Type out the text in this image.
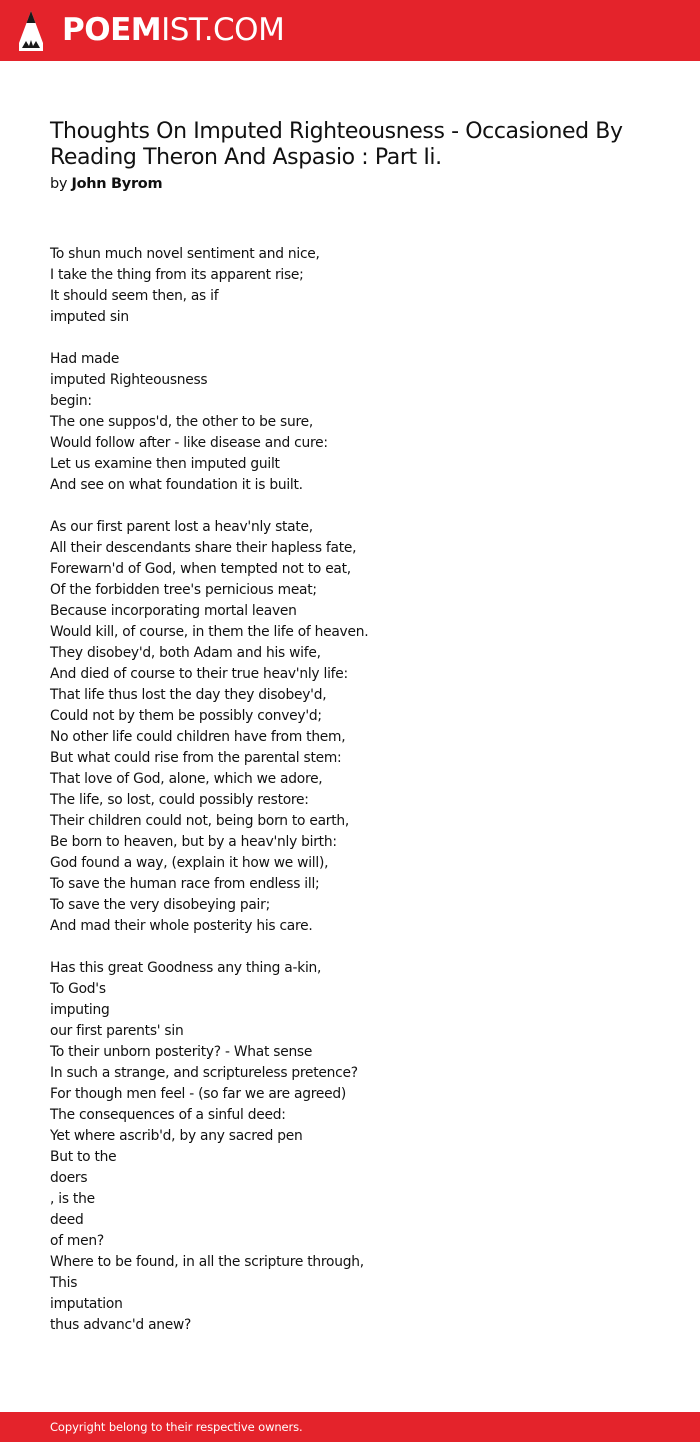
POEMIST.COM
Thoughts On Imputed Righteousness - Occasioned By Reading Theron And Aspasio : Part Ii.
by John Byrom
To shun much novel sentiment and nice,
I take the thing from its apparent rise;
It should seem then, as if
imputed sin
Had made
imputed Righteousness
begin:
The one suppos'd, the other to be sure,
Would follow after - like disease and cure:
Let us examine then imputed guilt
And see on what foundation it is built.
As our first parent lost a heav'nly state,
All their descendants share their hapless fate,
Forewarn'd of God, when tempted not to eat,
Of the forbidden tree's pernicious meat;
Because incorporating mortal leaven
Would kill, of course, in them the life of heaven.
They disobey'd, both Adam and his wife,
And died of course to their true heav'nly life:
That life thus lost the day they disobey'd,
Could not by them be possibly convey'd;
No other life could children have from them,
But what could rise from the parental stem:
That love of God, alone, which we adore,
The life, so lost, could possibly restore:
Their children could not, being born to earth,
Be born to heaven, but by a heav'nly birth:
God found a way, (explain it how we will),
To save the human race from endless ill;
To save the very disobeying pair;
And mad their whole posterity his care.
Has this great Goodness any thing a-kin,
To God's
imputing
our first parents' sin
To their unborn posterity? - What sense
In such a strange, and scriptureless pretence?
For though men feel - (so far we are agreed)
The consequences of a sinful deed:
Yet where ascrib'd, by any sacred pen
But to the
doers
, is the
deed
of men?
Where to be found, in all the scripture through,
This
imputation
thus advanc'd anew?
Copyright belong to their respective owners.
